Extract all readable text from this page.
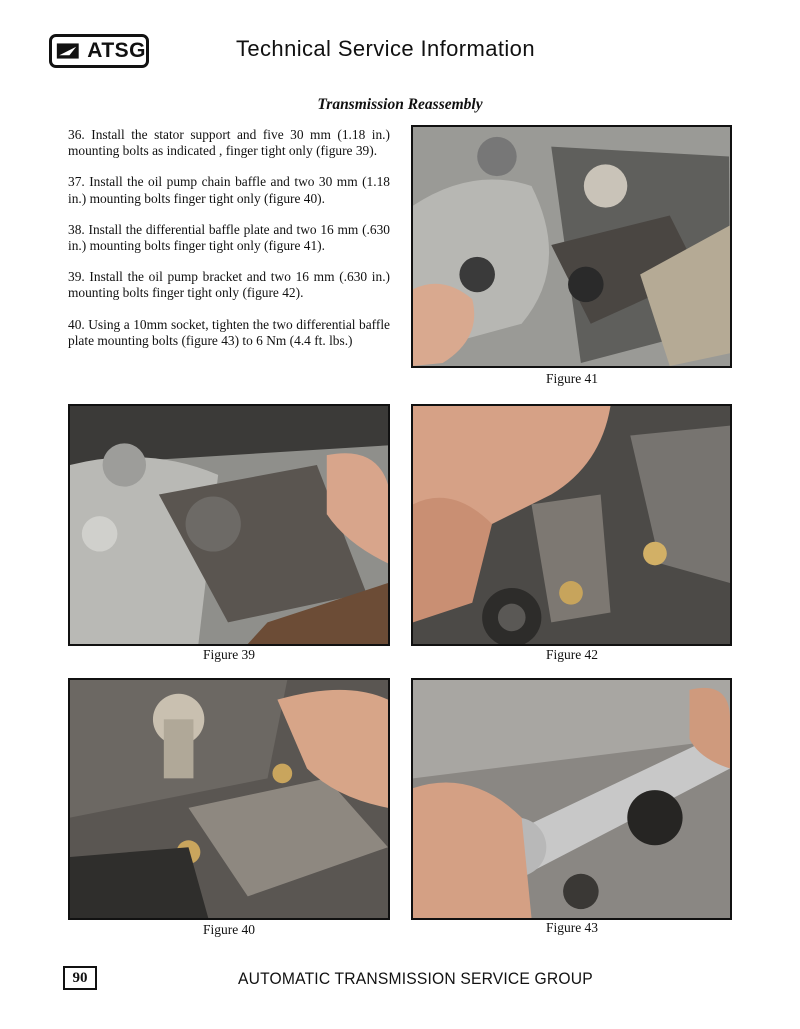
ATSG	Technical Service Information
Transmission Reassembly

36. Install the stator support and five 30 mm (1.18 in.) mounting bolts as indicated , finger tight only (figure 39).

37. Install the oil pump chain baffle and two 30 mm (1.18 in.) mounting bolts finger tight only (figure 40).

38. Install the differential baffle plate and two 16 mm (.630 in.) mounting bolts finger tight only (figure 41).

39. Install the oil pump bracket and two 16 mm (.630 in.) mounting bolts finger tight only (figure 42).

40. Using a 10mm socket, tighten the two differential baffle plate mounting bolts (figure 43) to 6 Nm (4.4 ft. lbs.)

Figure 41
Figure 39	Figure 42
Figure 40	Figure 43
90	AUTOMATIC TRANSMISSION SERVICE GROUP
